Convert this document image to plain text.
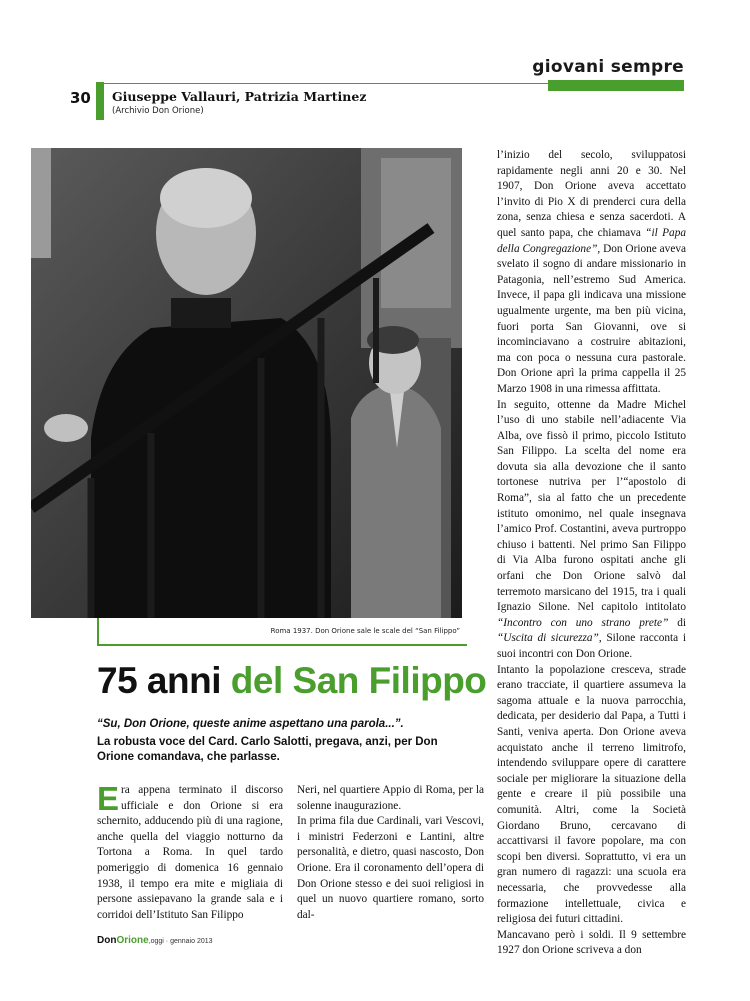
giovani sempre
30 Giuseppe Vallauri, Patrizia Martinez
(Archivio Don Orione)
Roma 1937. Don Orione sale le scale del “San Filippo”
75 anni del San Filippo
“Su, Don Orione, queste anime aspettano una parola...”.
La robusta voce del Card. Carlo Salotti, pregava, anzi, per Don Orione comandava, che parlasse.

Era appena terminato il discorso ufficiale e don Orione si era schernito, adducendo più di una ragione, anche quella del viaggio notturno da Tortona a Roma. In quel tardo pomeriggio di domenica 16 gennaio 1938, il tempo era mite e migliaia di persone assiepavano la grande sala e i corridoi dell’Istituto San Filippo

Neri, nel quartiere Appio di Roma, per la solenne inaugurazione.

In prima fila due Cardinali, vari Vescovi, i ministri Federzoni e Lantini, altre personalità, e dietro, quasi nascosto, Don Orione. Era il coronamento dell’opera di Don Orione stesso e dei suoi religiosi in quel un nuovo quartiere romano, sorto dal-

l’inizio del secolo, sviluppatosi rapidamente negli anni 20 e 30. Nel 1907, Don Orione aveva accettato l’invito di Pio X di prenderci cura della zona, senza chiesa e senza sacerdoti. A quel santo papa, che chiamava “il Papa della Congregazione”, Don Orione aveva svelato il sogno di andare missionario in Patagonia, nell’estremo Sud America. Invece, il papa gli indicava una missione ugualmente urgente, ma ben più vicina, fuori porta San Giovanni, ove si incominciavano a costruire abitazioni, ma con poca o nessuna cura pastorale. Don Orione aprì la prima cappella il 25 Marzo 1908 in una rimessa affittata.

In seguito, ottenne da Madre Michel l’uso di uno stabile nell’adiacente Via Alba, ove fissò il primo, piccolo Istituto San Filippo. La scelta del nome era dovuta sia alla devozione che il santo tortonese nutriva per l’“apostolo di Roma”, sia al fatto che un precedente istituto omonimo, nel quale insegnava l’amico Prof. Costantini, aveva purtroppo chiuso i battenti. Nel primo San Filippo di Via Alba furono ospitati anche gli orfani che Don Orione salvò dal terremoto marsicano del 1915, tra i quali Ignazio Silone. Nel capitolo intitolato “Incontro con uno strano prete” di “Uscita di sicurezza”, Silone racconta i suoi incontri con Don Orione.

Intanto la popolazione cresceva, strade erano tracciate, il quartiere assumeva la sagoma attuale e la nuova parrocchia, dedicata, per desiderio dal Papa, a Tutti i Santi, veniva aperta. Don Orione aveva acquistato anche il terreno limitrofo, intendendo sviluppare opere di carattere sociale per migliorare la situazione della gente e creare il più possibile una comunità. Altri, come la Società Giordano Bruno, cercavano di accattivarsi il favore popolare, ma con scopi ben diversi. Soprattutto, vi era un gran numero di ragazzi: una scuola era necessaria, che provvedesse alla formazione intellettuale, civica e religiosa dei futuri cittadini.

Mancavano però i soldi. Il 9 settembre 1927 don Orione scriveva a don

DonOrione,oggi · gennaio 2013
